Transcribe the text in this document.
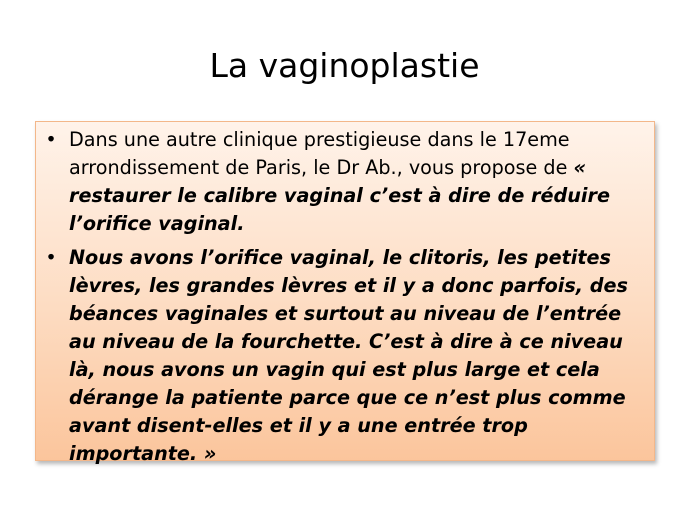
La vaginoplastie
• Dans une autre clinique prestigieuse dans le 17eme arrondissement de Paris, le Dr Ab., vous propose de « restaurer le calibre vaginal c’est à dire de réduire l’orifice vaginal.
• Nous avons l’orifice vaginal, le clitoris, les petites lèvres, les grandes lèvres et il y a donc parfois, des béances vaginales et surtout au niveau de l’entrée au niveau de la fourchette. C’est à dire à ce niveau là, nous avons un vagin qui est plus large et cela dérange la patiente parce que ce n’est plus comme avant disent-elles et il y a une entrée trop importante. »
